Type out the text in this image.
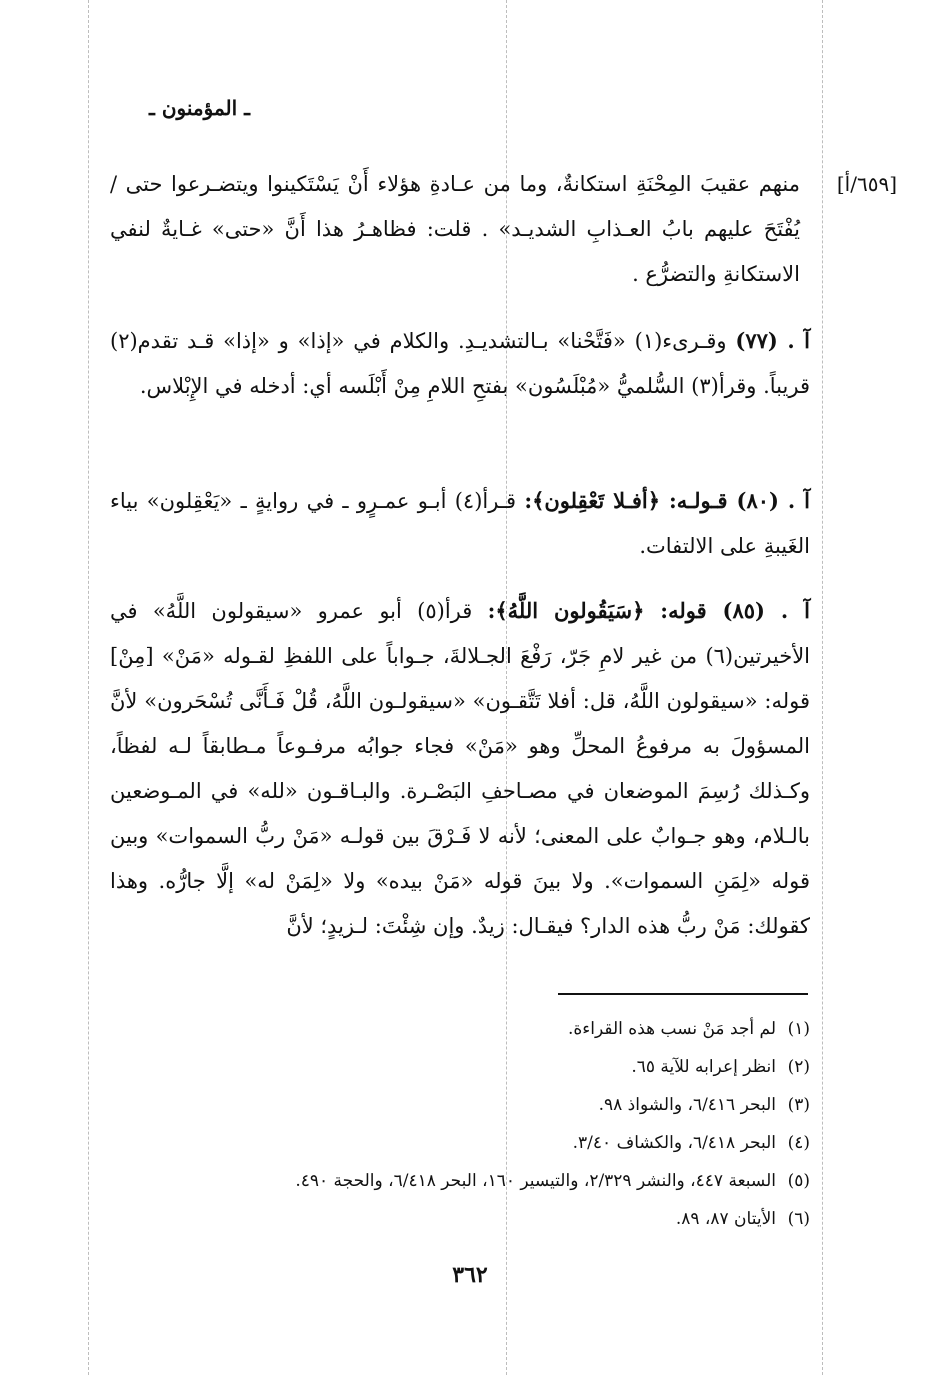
ـ المؤمنون ـ
[٦٥٩/أ]
منهم عقيبَ المِحْنَةِ استكانةٌ، وما من عـادةِ هؤلاء أَنْ يَسْتَكينوا ويتضـرعوا حتى / يُفْتَحَ عليهم بابُ العـذابِ الشديـد» . قلت: فظاهـرُ هذا أَنَّ «حتى» غـايةٌ لنفي الاستكانةِ والتضرُّع .
آ . (٧٧) وقـرىء(١) «فَتَّحْنا» بـالتشديـدِ. والكلام في «إذا» و «إذا» قـد تقدم(٢) قريباً. وقرأ(٣) السُّلميُّ «مُبْلَسُون» بفتحِ اللامِ مِنْ أَبْلَسه أي: أدخله في الإِبْلاس.
آ . (٨٠) قـولـه: ﴿أفـلا تَعْقِلون﴾: قـرأ(٤) أبـو عمـرٍو ـ في روايةٍ ـ «يَعْقِلون» بياء الغَيبةِ على الالتفات.
آ . (٨٥) قوله: ﴿سَيَقُولون اللَّهُ﴾: قرأ(٥) أبو عمرو «سيقولون اللَّهُ» في الأخيرتين(٦) من غير لامِ جَرّ، رَفْعَ الجـلالةَ، جـواباً على اللفظِ لقـوله «مَنْ» [مِنْ] قوله: «سيقولون اللَّهُ، قل: أفلا تَتَّقـون» «سيقولـون اللَّهُ، قُلْ فَـأَنَّى تُسْحَرون» لأنَّ المسؤولَ به مرفوعُ المحلِّ وهو «مَنْ» فجاء جوابُه مرفـوعاً مـطابقاً لـه لفظاً، وكـذلك رُسِمَ الموضعان في مصـاحفِ البَصْـرة. والبـاقـون «لله» في المـوضعين بالـلام، وهو جـوابٌ على المعنى؛ لأنه لا فَـرْقَ بين قولـه «مَنْ ربُّ السموات» وبين قوله «لِمَنِ السموات». ولا بينَ قوله «مَنْ بيده» ولا «لِمَنْ له» إلَّا جارُّه. وهذا كقولك: مَنْ ربُّ هذه الدار؟ فيقـال: زيدٌ. وإن شِئْتَ: لـزيدٍ؛ لأنَّ
(١)لم أجد مَنْ نسب هذه القراءة.
(٢)انظر إعرابه للآية ٦٥.
(٣)البحر ٦/٤١٦، والشواذ ٩٨.
(٤)البحر ٦/٤١٨، والكشاف ٣/٤٠.
(٥)السبعة ٤٤٧، والنشر ٢/٣٢٩، والتيسير ١٦٠، البحر ٦/٤١٨، والحجة ٤٩٠.
(٦)الأيتان ٨٧، ٨٩.
٣٦٢
